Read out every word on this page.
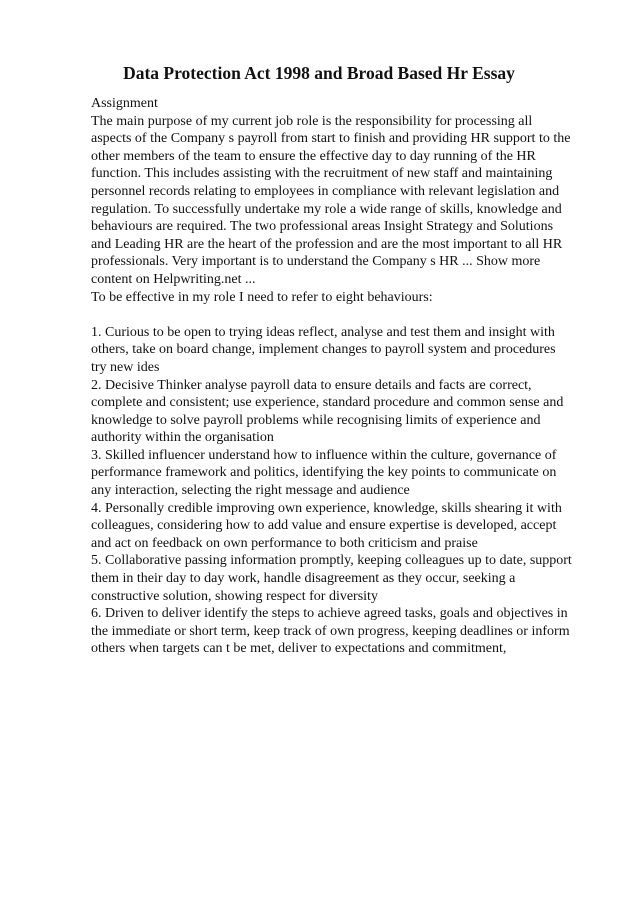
Data Protection Act 1998 and Broad Based Hr Essay
Assignment
The main purpose of my current job role is the responsibility for processing all
aspects of the Company s payroll from start to finish and providing HR support to the
other members of the team to ensure the effective day to day running of the HR
function. This includes assisting with the recruitment of new staff and maintaining
personnel records relating to employees in compliance with relevant legislation and
regulation. To successfully undertake my role a wide range of skills, knowledge and
behaviours are required. The two professional areas Insight Strategy and Solutions
and Leading HR are the heart of the profession and are the most important to all HR
professionals. Very important is to understand the Company s HR ... Show more
content on Helpwriting.net ...
To be effective in my role I need to refer to eight behaviours:
1. Curious to be open to trying ideas reflect, analyse and test them and insight with
others, take on board change, implement changes to payroll system and procedures
try new ides
2. Decisive Thinker analyse payroll data to ensure details and facts are correct,
complete and consistent; use experience, standard procedure and common sense and
knowledge to solve payroll problems while recognising limits of experience and
authority within the organisation
3. Skilled influencer understand how to influence within the culture, governance of
performance framework and politics, identifying the key points to communicate on
any interaction, selecting the right message and audience
4. Personally credible improving own experience, knowledge, skills shearing it with
colleagues, considering how to add value and ensure expertise is developed, accept
and act on feedback on own performance to both criticism and praise
5. Collaborative passing information promptly, keeping colleagues up to date, support
them in their day to day work, handle disagreement as they occur, seeking a
constructive solution, showing respect for diversity
6. Driven to deliver identify the steps to achieve agreed tasks, goals and objectives in
the immediate or short term, keep track of own progress, keeping deadlines or inform
others when targets can t be met, deliver to expectations and commitment,
